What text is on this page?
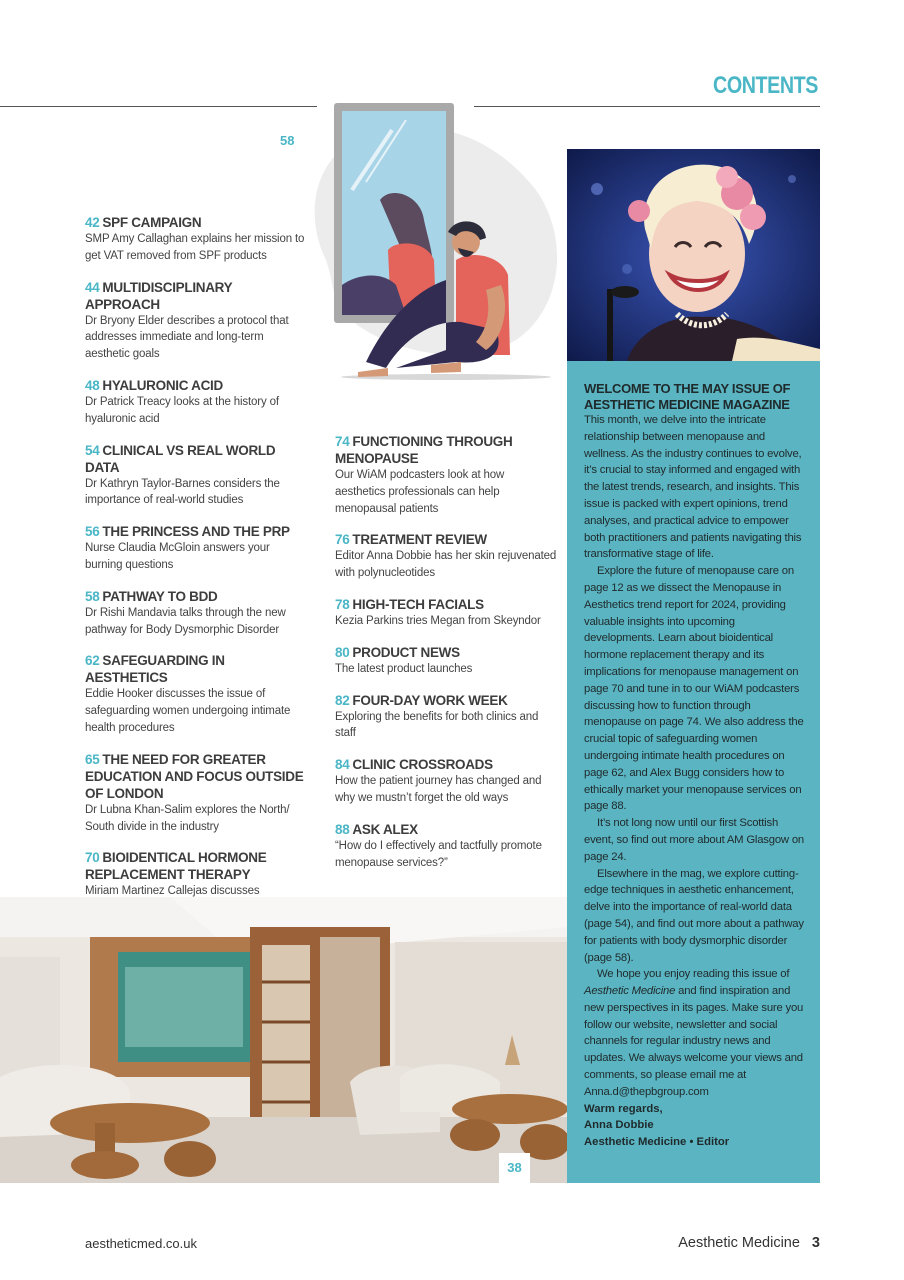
CONTENTS
58
42 SPF CAMPAIGN

SMP Amy Callaghan explains her mission to get VAT removed from SPF products

44 MULTIDISCIPLINARY APPROACH

Dr Bryony Elder describes a protocol that addresses immediate and long-term aesthetic goals

48 HYALURONIC ACID

Dr Patrick Treacy looks at the history of hyaluronic acid

54 CLINICAL VS REAL WORLD DATA

Dr Kathryn Taylor-Barnes considers the importance of real-world studies

56 THE PRINCESS AND THE PRP

Nurse Claudia McGloin answers your burning questions

58 PATHWAY TO BDD

Dr Rishi Mandavia talks through the new pathway for Body Dysmorphic Disorder

62 SAFEGUARDING IN AESTHETICS

Eddie Hooker discusses the issue of safeguarding women undergoing intimate health procedures

65 THE NEED FOR GREATER EDUCATION AND FOCUS OUTSIDE OF LONDON

Dr Lubna Khan-Salim explores the North/ South divide in the industry

70 BIOIDENTICAL HORMONE REPLACEMENT THERAPY

Miriam Martinez Callejas discusses

74 FUNCTIONING THROUGH MENOPAUSE

Our WiAM podcasters look at how aesthetics professionals can help menopausal patients

76 TREATMENT REVIEW

Editor Anna Dobbie has her skin rejuvenated with polynucleotides

78 HIGH-TECH FACIALS

Kezia Parkins tries Megan from Skeyndor

80 PRODUCT NEWS

The latest product launches

82 FOUR-DAY WORK WEEK

Exploring the benefits for both clinics and staff

84 CLINIC CROSSROADS

How the patient journey has changed and why we mustn’t forget the old ways

88 ASK ALEX

“How do I effectively and tactfully promote menopause services?”

WELCOME TO THE MAY ISSUE OF AESTHETIC MEDICINE MAGAZINE

This month, we delve into the intricate relationship between menopause and wellness. As the industry continues to evolve, it’s crucial to stay informed and engaged with the latest trends, research, and insights. This issue is packed with expert opinions, trend analyses, and practical advice to empower both practitioners and patients navigating this transformative stage of life.

Explore the future of menopause care on page 12 as we dissect the Menopause in Aesthetics trend report for 2024, providing valuable insights into upcoming developments. Learn about bioidentical hormone replacement therapy and its implications for menopause management on page 70 and tune in to our WiAM podcasters discussing how to function through menopause on page 74. We also address the crucial topic of safeguarding women undergoing intimate health procedures on page 62, and Alex Bugg considers how to ethically market your menopause services on page 88.

It’s not long now until our first Scottish event, so find out more about AM Glasgow on page 24.

Elsewhere in the mag, we explore cutting-edge techniques in aesthetic enhancement, delve into the importance of real-world data (page 54), and find out more about a pathway for patients with body dysmorphic disorder (page 58).

We hope you enjoy reading this issue of Aesthetic Medicine and find inspiration and new perspectives in its pages. Make sure you follow our website, newsletter and social channels for regular industry news and updates. We always welcome your views and comments, so please email me at Anna.d@thepbgroup.com

Warm regards,
Anna Dobbie
Aesthetic Medicine • Editor
38
aestheticmed.co.uk	Aesthetic Medicine 3
